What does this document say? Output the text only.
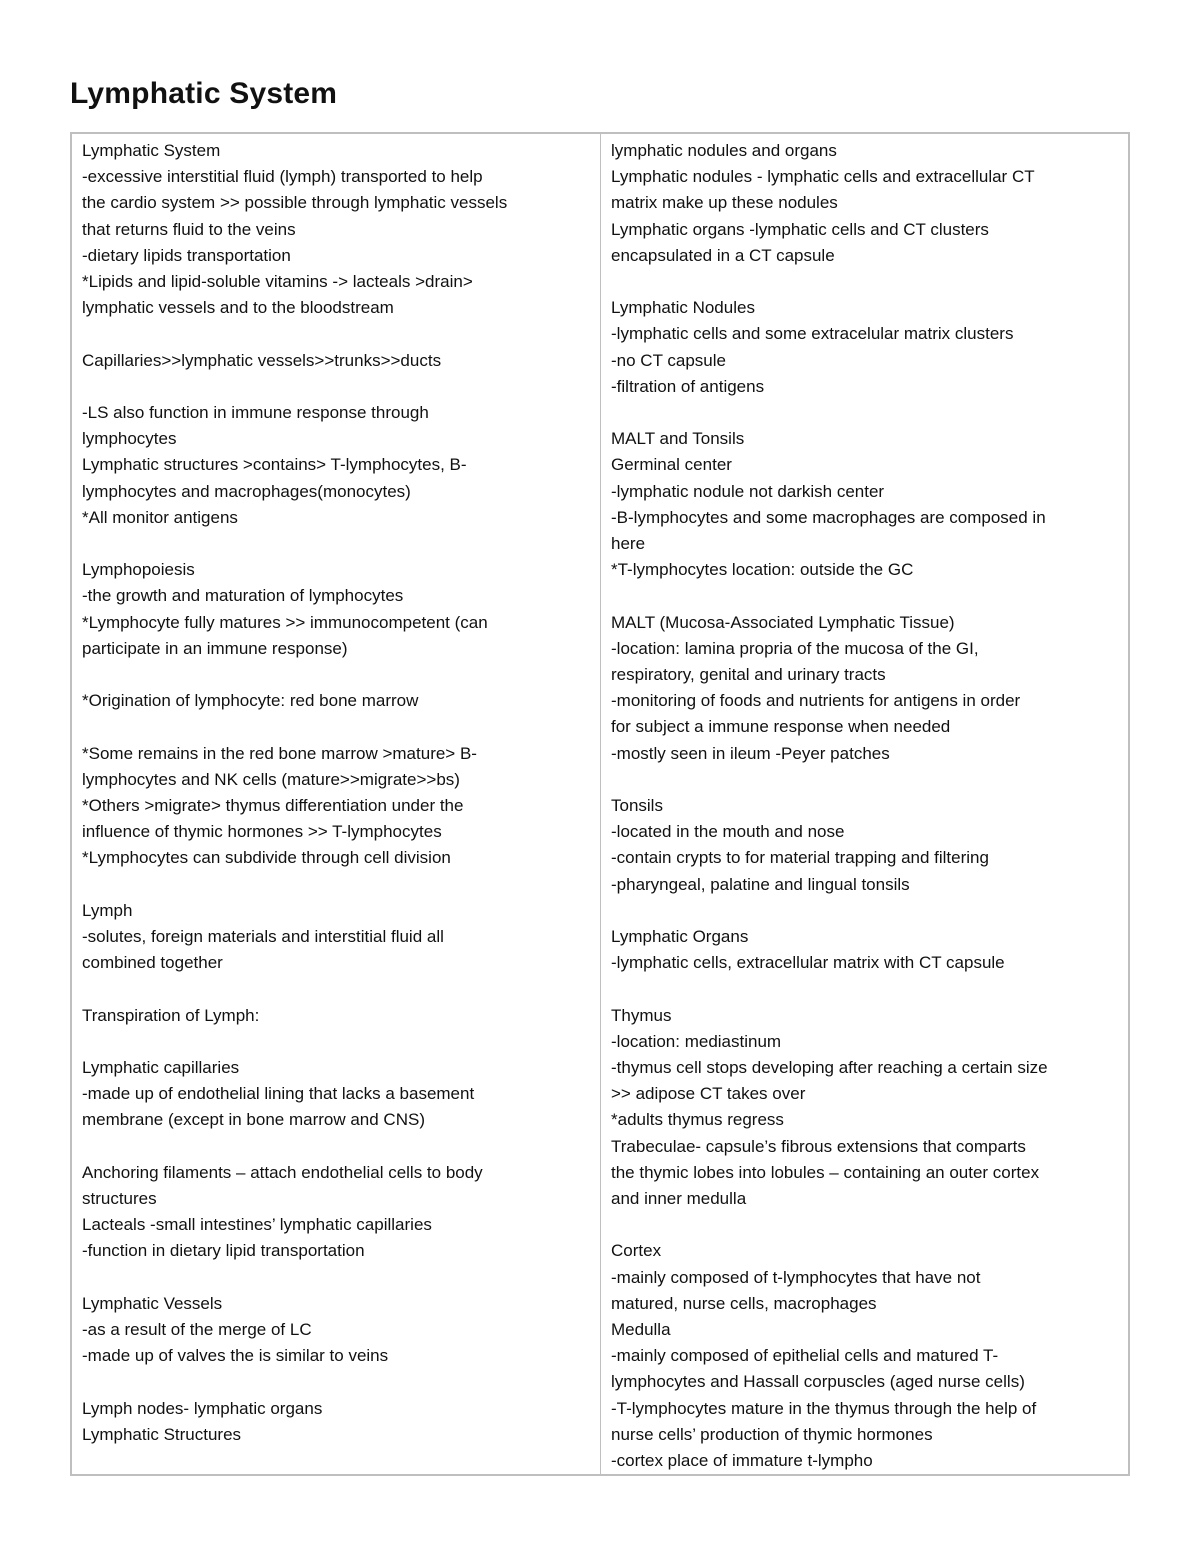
Lymphatic System
Lymphatic System
-excessive interstitial fluid (lymph) transported to help
the cardio system >> possible through lymphatic vessels
that returns fluid to the veins
-dietary lipids transportation
*Lipids and lipid-soluble vitamins -> lacteals >drain>
lymphatic vessels and to the bloodstream
Capillaries>>lymphatic vessels>>trunks>>ducts
-LS also function in immune response through
lymphocytes
Lymphatic structures >contains> T-lymphocytes, B-
lymphocytes and macrophages(monocytes)
*All monitor antigens
Lymphopoiesis
-the growth and maturation of lymphocytes
*Lymphocyte fully matures >> immunocompetent (can
participate in an immune response)
*Origination of lymphocyte: red bone marrow
*Some remains in the red bone marrow >mature> B-
lymphocytes and NK cells (mature>>migrate>>bs)
*Others >migrate> thymus differentiation under the
influence of thymic hormones >> T-lymphocytes
*Lymphocytes can subdivide through cell division
Lymph
-solutes, foreign materials and interstitial fluid all
combined together
Transpiration of Lymph:
Lymphatic capillaries
-made up of endothelial lining that lacks a basement
membrane (except in bone marrow and CNS)
Anchoring filaments – attach endothelial cells to body
structures
Lacteals -small intestines’ lymphatic capillaries
-function in dietary lipid transportation
Lymphatic Vessels
-as a result of the merge of LC
-made up of valves the is similar to veins
Lymph nodes- lymphatic organs
Lymphatic Structures
lymphatic nodules and organs
Lymphatic nodules - lymphatic cells and extracellular CT
matrix make up these nodules
Lymphatic organs -lymphatic cells and CT clusters
encapsulated in a CT capsule
Lymphatic Nodules
-lymphatic cells and some extracelular matrix clusters
-no CT capsule
-filtration of antigens
MALT and Tonsils
Germinal center
-lymphatic nodule not darkish center
-B-lymphocytes and some macrophages are composed in
here
*T-lymphocytes location: outside the GC
MALT (Mucosa-Associated Lymphatic Tissue)
-location: lamina propria of the mucosa of the GI,
respiratory, genital and urinary tracts
-monitoring of foods and nutrients for antigens in order
for subject a immune response when needed
-mostly seen in ileum -Peyer patches
Tonsils
-located in the mouth and nose
-contain crypts to for material trapping and filtering
-pharyngeal, palatine and lingual tonsils
Lymphatic Organs
-lymphatic cells, extracellular matrix with CT capsule
Thymus
-location: mediastinum
-thymus cell stops developing after reaching a certain size
>> adipose CT takes over
*adults thymus regress
Trabeculae- capsule’s fibrous extensions that comparts
the thymic lobes into lobules – containing an outer cortex
and inner medulla
Cortex
-mainly composed of t-lymphocytes that have not
matured, nurse cells, macrophages
Medulla
-mainly composed of epithelial cells and matured T-
lymphocytes and Hassall corpuscles (aged nurse cells)
-T-lymphocytes mature in the thymus through the help of
nurse cells’ production of thymic hormones
-cortex place of immature t-lympho
